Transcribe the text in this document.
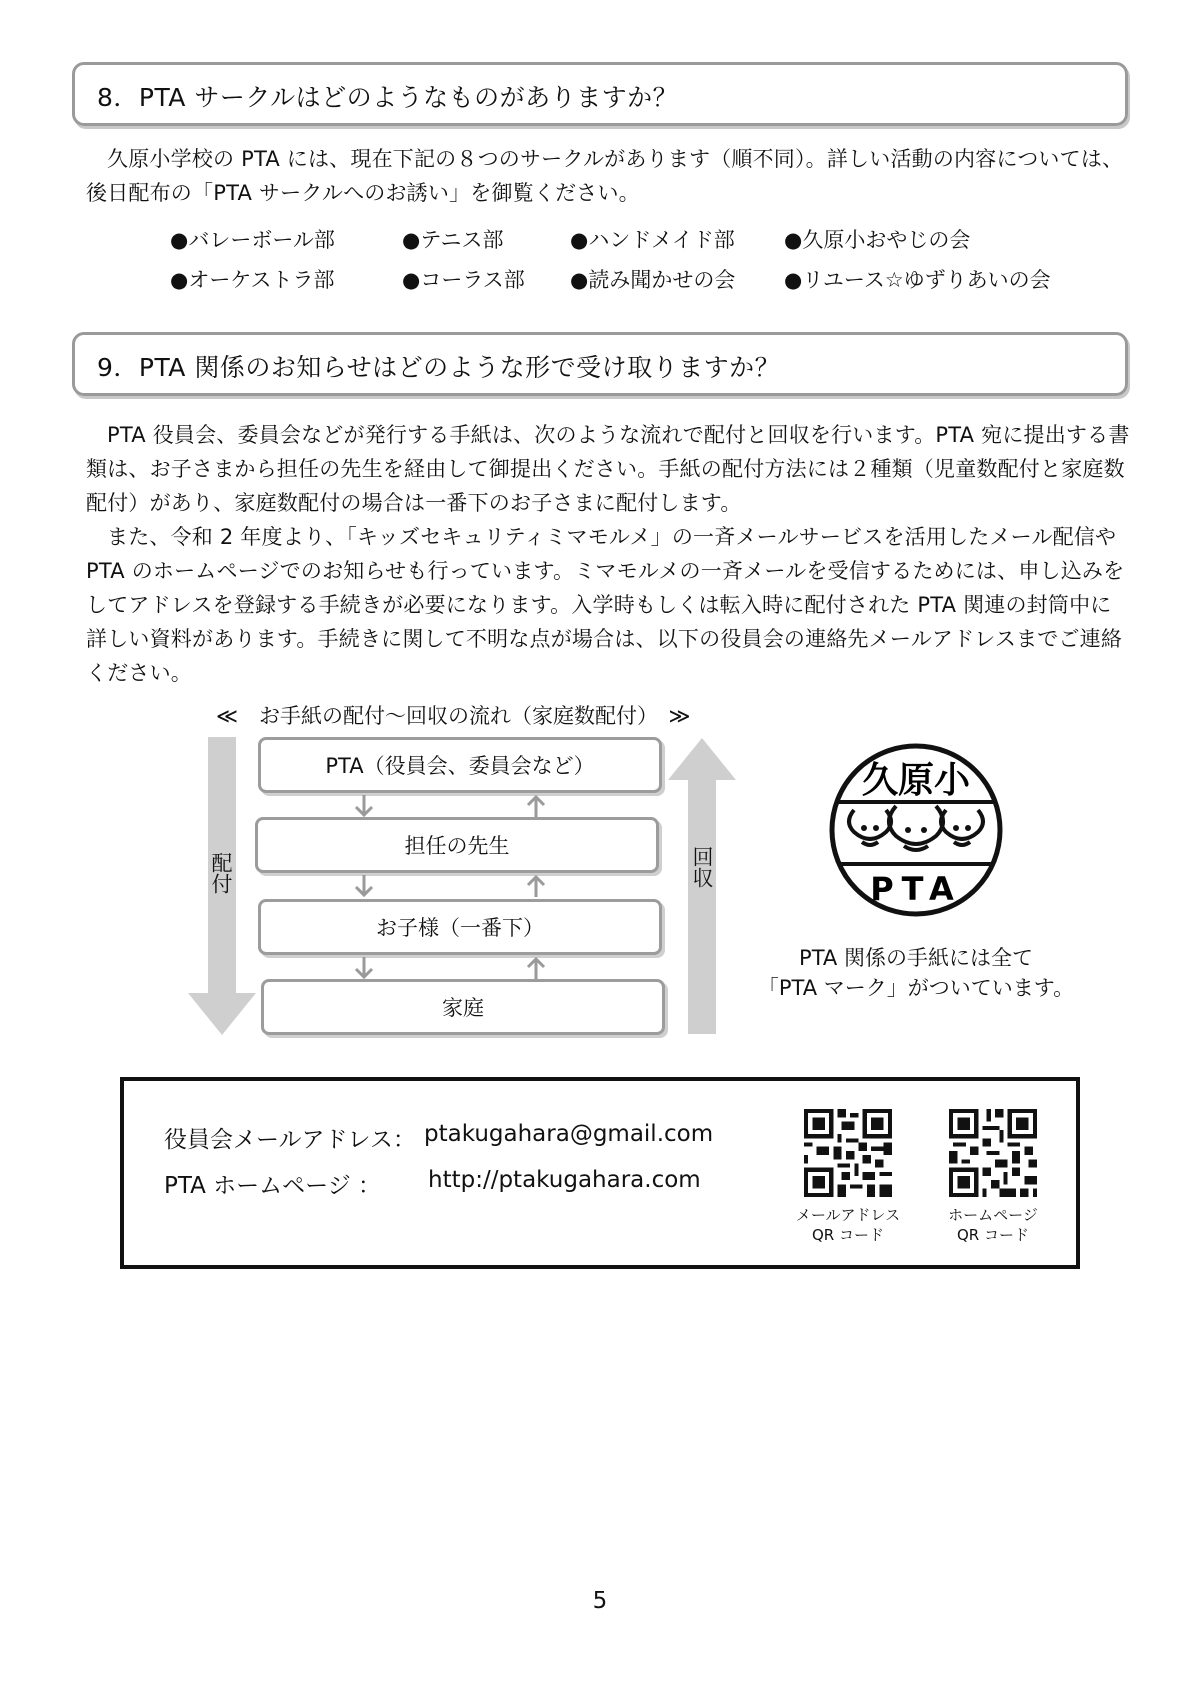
8．PTA サークルはどのようなものがありますか？

久原小学校の PTA には、現在下記の８つのサークルがあります（順不同）。詳しい活動の内容については、後日配布の「PTA サークルへのお誘い」を御覧ください。

●バレーボール部	●テニス部	●ハンドメイド部 ●久原小おやじの会
●オーケストラ部	●コーラス部 ●読み聞かせの会 ●リユース☆ゆずりあいの会
9．PTA 関係のお知らせはどのような形で受け取りますか？

PTA 役員会、委員会などが発行する手紙は、次のような流れで配付と回収を行います。PTA 宛に提出する書類は、お子さまから担任の先生を経由して御提出ください。手紙の配付方法には２種類（児童数配付と家庭数配付）があり、家庭数配付の場合は一番下のお子さまに配付します。

また、令和 2 年度より、「キッズセキュリティミマモルメ」の一斉メールサービスを活用したメール配信や PTA のホームページでのお知らせも行っています。ミマモルメの一斉メールを受信するためには、申し込みをしてアドレスを登録する手続きが必要になります。入学時もしくは転入時に配付された PTA 関連の封筒中に詳しい資料があります。手続きに関して不明な点が場合は、以下の役員会の連絡先メールアドレスまでご連絡ください。

≪　お手紙の配付～回収の流れ（家庭数配付）　≫
配付	回収
PTA（役員会、委員会など）
担任の先生
お子様（一番下）
家庭
久原小
PTA
PTA 関係の手紙には全て
「PTA マーク」がついています。
役員会メールアドレス： ptakugahara@gmail.com
PTA ホームページ ： http://ptakugahara.com
メールアドレス
QR コード
ホームページ
QR コード
5
